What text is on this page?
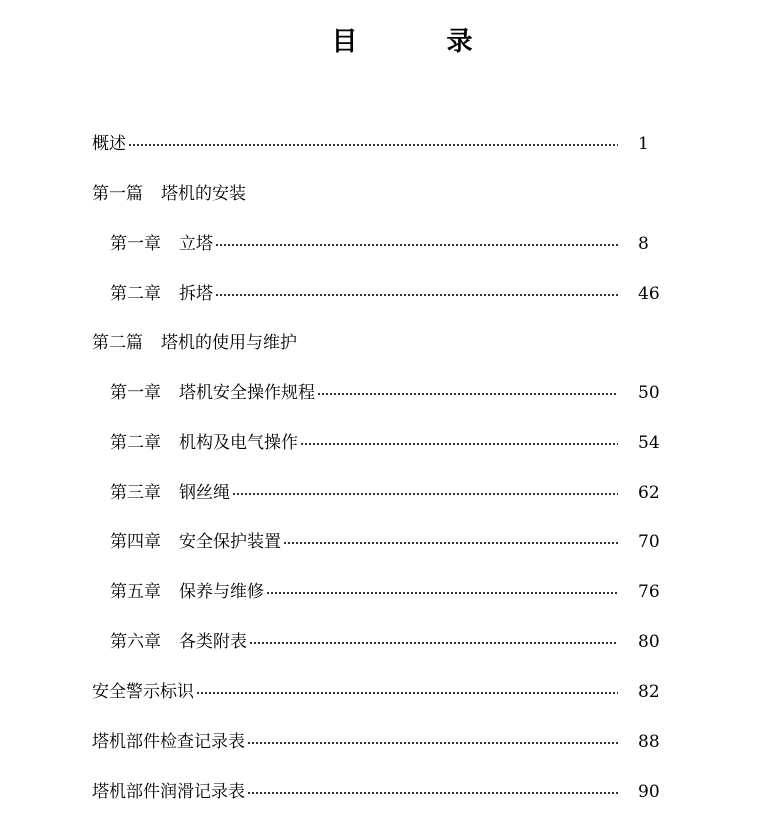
目 录
概述	1
第一篇 塔机的安装
第一章 立塔	8
第二章 拆塔	46
第二篇 塔机的使用与维护
第一章 塔机安全操作规程	50
第二章 机构及电气操作	54
第三章 钢丝绳	62
第四章 安全保护装置	70
第五章 保养与维修	76
第六章 各类附表	80
安全警示标识	82
塔机部件检查记录表	88
塔机部件润滑记录表	90
